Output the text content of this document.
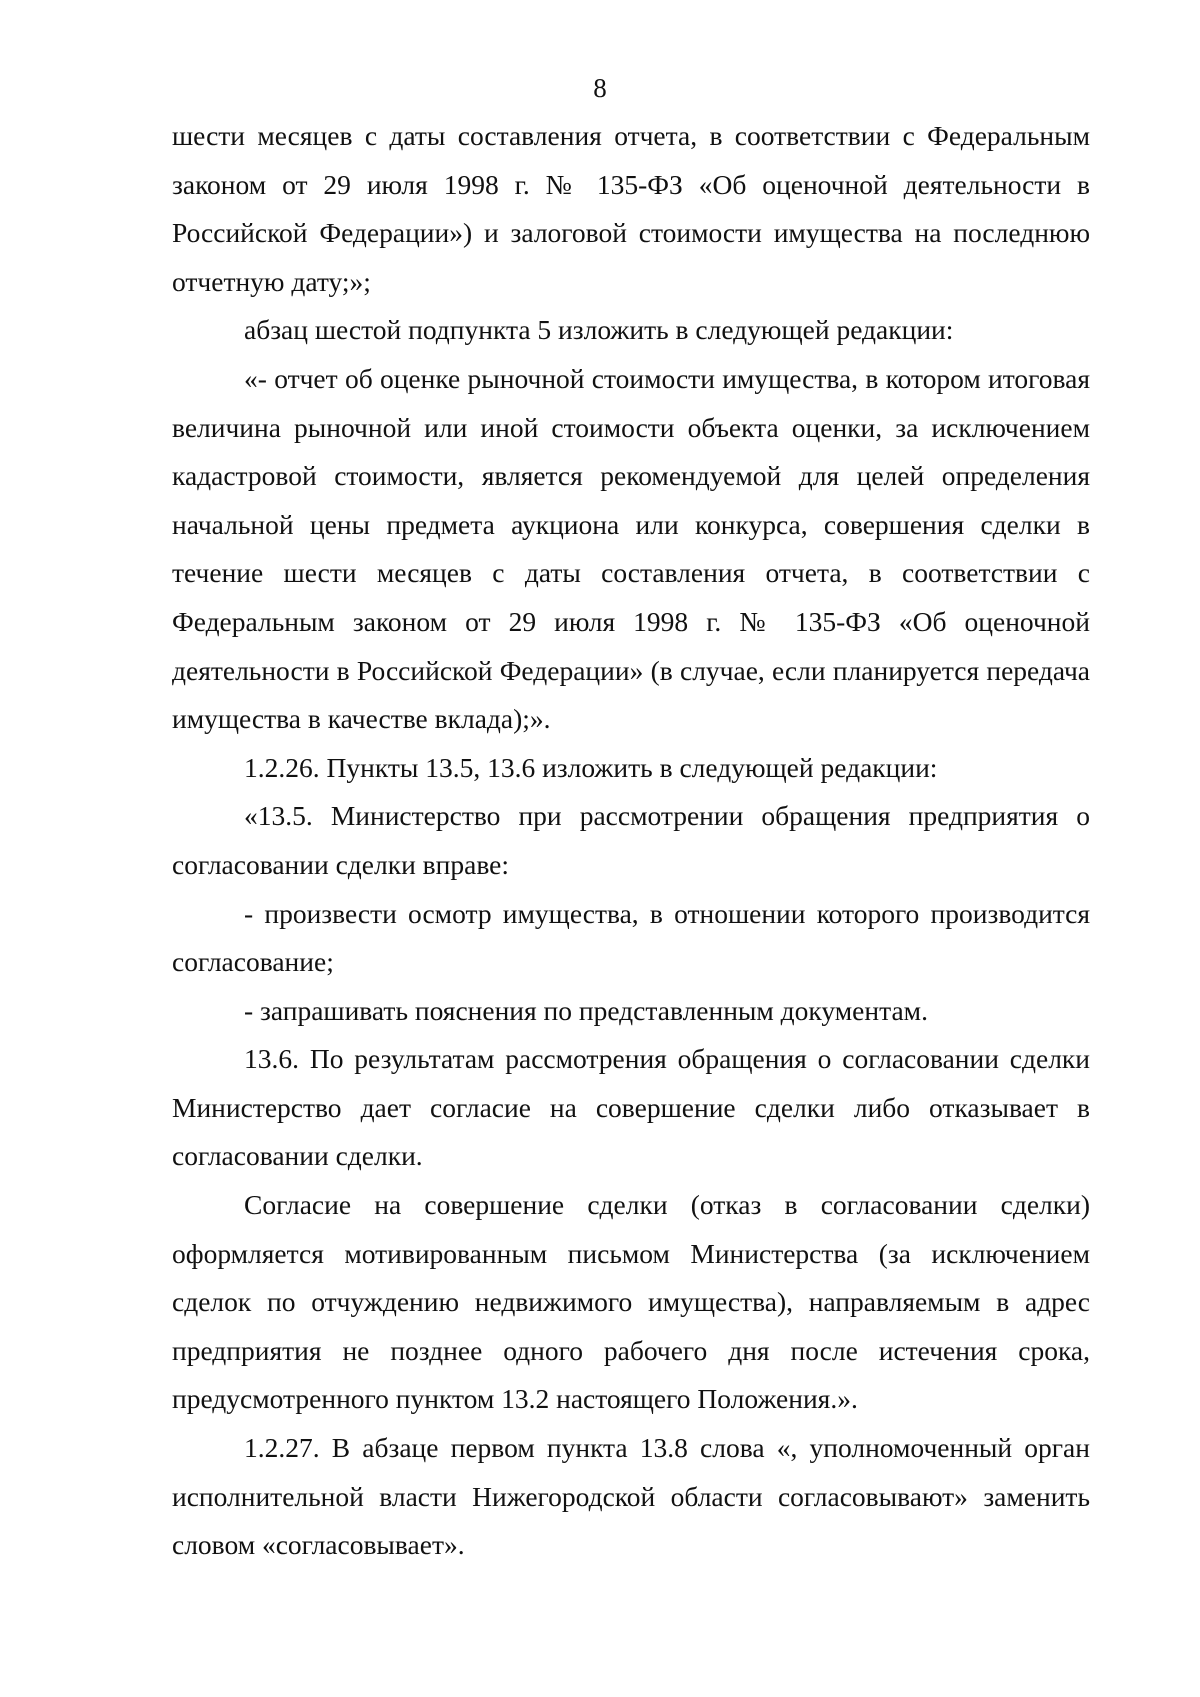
8

шести месяцев с даты составления отчета, в соответствии с Федеральным законом от 29 июля 1998 г. № 135-ФЗ «Об оценочной деятельности в Российской Федерации») и залоговой стоимости имущества на последнюю отчетную дату;»;

абзац шестой подпункта 5 изложить в следующей редакции:

«- отчет об оценке рыночной стоимости имущества, в котором итоговая величина рыночной или иной стоимости объекта оценки, за исключением кадастровой стоимости, является рекомендуемой для целей определения начальной цены предмета аукциона или конкурса, совершения сделки в течение шести месяцев с даты составления отчета, в соответствии с Федеральным законом от 29 июля 1998 г. № 135-ФЗ «Об оценочной деятельности в Российской Федерации» (в случае, если планируется передача имущества в качестве вклада);».

1.2.26. Пункты 13.5, 13.6 изложить в следующей редакции:

«13.5. Министерство при рассмотрении обращения предприятия о согласовании сделки вправе:

- произвести осмотр имущества, в отношении которого производится согласование;

- запрашивать пояснения по представленным документам.

13.6. По результатам рассмотрения обращения о согласовании сделки Министерство дает согласие на совершение сделки либо отказывает в согласовании сделки.

Согласие на совершение сделки (отказ в согласовании сделки) оформляется мотивированным письмом Министерства (за исключением сделок по отчуждению недвижимого имущества), направляемым в адрес предприятия не позднее одного рабочего дня после истечения срока, предусмотренного пунктом 13.2 настоящего Положения.».

1.2.27. В абзаце первом пункта 13.8 слова «, уполномоченный орган исполнительной власти Нижегородской области согласовывают» заменить словом «согласовывает».
